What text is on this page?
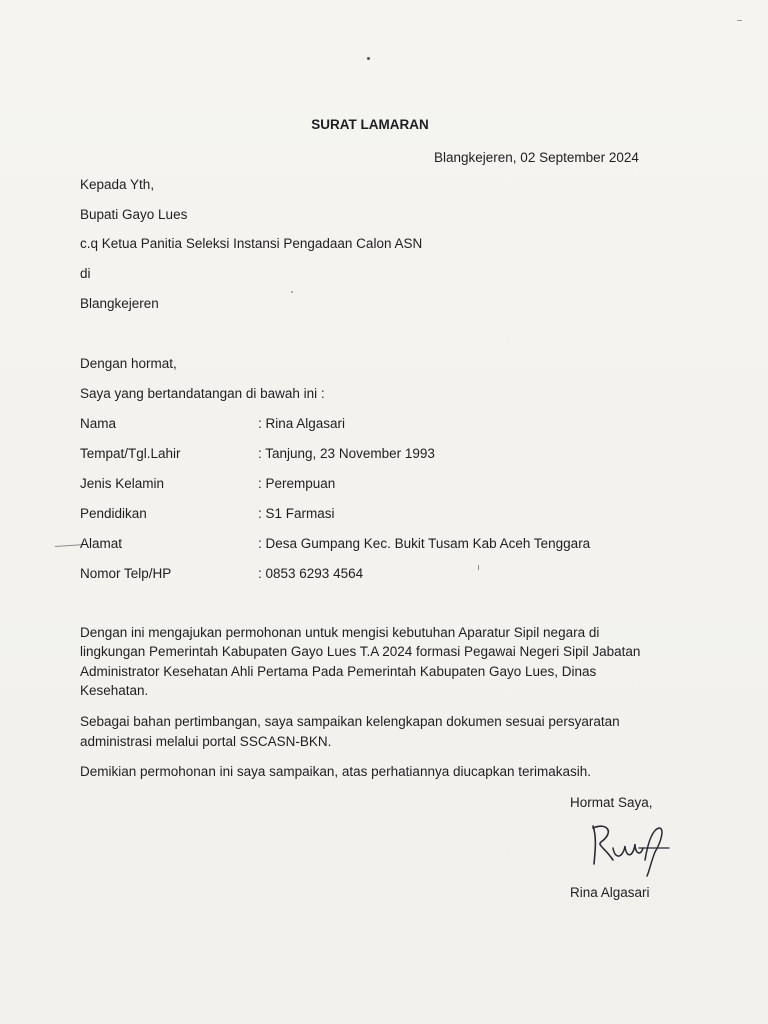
SURAT LAMARAN
Blangkejeren, 02 September 2024
Kepada Yth,
Bupati Gayo Lues
c.q Ketua Panitia Seleksi Instansi Pengadaan Calon ASN
di
Blangkejeren
Dengan hormat,
Saya yang bertandatangan di bawah ini :
Nama	: Rina Algasari
Tempat/Tgl.Lahir	: Tanjung, 23 November 1993
Jenis Kelamin	: Perempuan
Pendidikan	: S1 Farmasi
Alamat	: Desa Gumpang Kec. Bukit Tusam Kab Aceh Tenggara
Nomor Telp/HP	: 0853 6293 4564
Dengan ini mengajukan permohonan untuk mengisi kebutuhan Aparatur Sipil negara di
lingkungan Pemerintah Kabupaten Gayo Lues T.A 2024 formasi Pegawai Negeri Sipil Jabatan
Administrator Kesehatan Ahli Pertama Pada Pemerintah Kabupaten Gayo Lues, Dinas
Kesehatan.
Sebagai bahan pertimbangan, saya sampaikan kelengkapan dokumen sesuai persyaratan
administrasi melalui portal SSCASN-BKN.
Demikian permohonan ini saya sampaikan, atas perhatiannya diucapkan terimakasih.
Hormat Saya,
Rina Algasari
